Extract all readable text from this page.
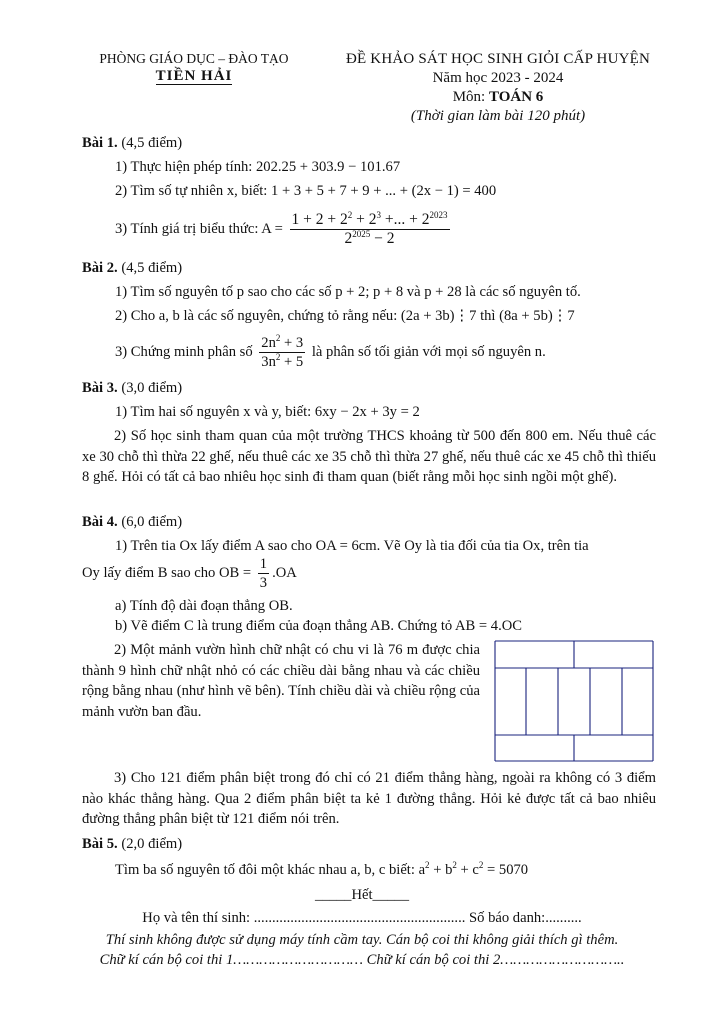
PHÒNG GIÁO DỤC – ĐÀO TẠO
TIỀN HẢI
ĐỀ KHẢO SÁT HỌC SINH GIỎI CẤP HUYỆN
Năm học 2023 - 2024
Môn: TOÁN 6
(Thời gian làm bài 120 phút)
Bài 1. (4,5 điểm)
1) Thực hiện phép tính: 202.25 + 303.9 − 101.67
2) Tìm số tự nhiên x, biết: 1 + 3 + 5 + 7 + 9 + ... + (2x − 1) = 400
3) Tính giá trị biểu thức: $A = \frac{1 + 2 + 2^2 + 2^3 +... + 2^{2023}}{2^{2025} - 2}$
Bài 2. (4,5 điểm)
1) Tìm số nguyên tố p sao cho các số p + 2; p + 8 và p + 28 là các số nguyên tố.
2) Cho a, b là các số nguyên, chứng tỏ rằng nếu: (2a + 3b)⋮7 thì (8a + 5b)⋮7
3) Chứng minh phân số $\frac{2n^2 + 3}{3n^2 + 5}$ là phân số tối giản với mọi số nguyên n.
Bài 3. (3,0 điểm)
1) Tìm hai số nguyên x và y, biết: 6xy − 2x + 3y = 2
2) Số học sinh tham quan của một trường THCS khoảng từ 500 đến 800 em. Nếu thuê các xe 30 chỗ thì thừa 22 ghế, nếu thuê các xe 35 chỗ thì thừa 27 ghế, nếu thuê các xe 45 chỗ thì thiếu 8 ghế. Hỏi có tất cả bao nhiêu học sinh đi tham quan (biết rằng mỗi học sinh ngồi một ghế).
Bài 4. (6,0 điểm)
1) Trên tia Ox lấy điểm A sao cho OA = 6cm. Vẽ Oy là tia đối của tia Ox, trên tia
Oy lấy điểm B sao cho OB = $\frac{1}{3} .OA$
a) Tính độ dài đoạn thẳng OB.
b) Vẽ điểm C là trung điểm của đoạn thẳng AB. Chứng tỏ AB = 4.OC
2) Một mảnh vườn hình chữ nhật có chu vi là 76 m được chia thành 9 hình chữ nhật nhỏ có các chiều dài bằng nhau và các chiều rộng bằng nhau (như hình vẽ bên). Tính chiều dài và chiều rộng của mảnh vườn ban đầu.
3) Cho 121 điểm phân biệt trong đó chỉ có 21 điểm thẳng hàng, ngoài ra không có 3 điểm nào khác thẳng hàng. Qua 2 điểm phân biệt ta kẻ 1 đường thẳng. Hỏi kẻ được tất cả bao nhiêu đường thẳng phân biệt từ 121 điểm nói trên.
Bài 5. (2,0 điểm)
Tìm ba số nguyên tố đôi một khác nhau a, b, c biết: $a^2 + b^2 + c^2 = 5070$
_____Hết_____
Họ và tên thí sinh: .......................................................... Số báo danh:..........
Thí sinh không được sử dụng máy tính cầm tay. Cán bộ coi thi không giải thích gì thêm.
Chữ kí cán bộ coi thi 1………………………… Chữ kí cán bộ coi thi 2………………………..
